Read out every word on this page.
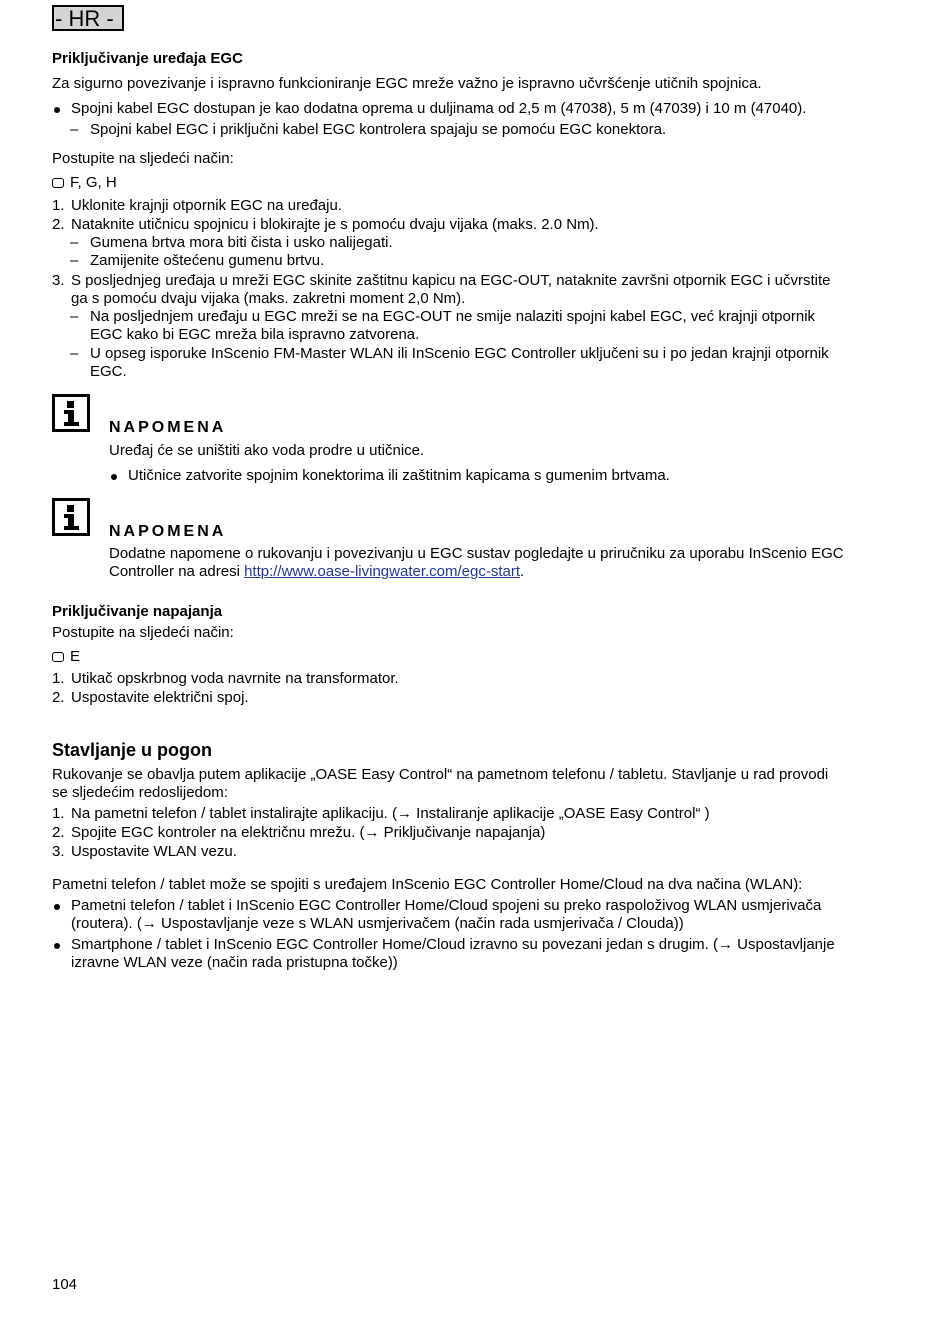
- HR -
Priključivanje uređaja EGC
Za sigurno povezivanje i ispravno funkcioniranje EGC mreže važno je ispravno učvršćenje utičnih spojnica.
Spojni kabel EGC dostupan je kao dodatna oprema u duljinama od 2,5 m (47038), 5 m (47039) i 10 m (47040).
– Spojni kabel EGC i priključni kabel EGC kontrolera spajaju se pomoću EGC konektora.
Postupite na sljedeći način:
F, G, H
1. Uklonite krajnji otpornik EGC na uređaju.
2. Nataknite utičnicu spojnicu i blokirajte je s pomoću dvaju vijaka (maks. 2.0 Nm).
– Gumena brtva mora biti čista i usko nalijegati.
– Zamijenite oštećenu gumenu brtvu.
3. S posljednjeg uređaja u mreži EGC skinite zaštitnu kapicu na EGC-OUT, nataknite završni otpornik EGC i učvrstite
ga s pomoću dvaju vijaka (maks. zakretni moment 2,0 Nm).
– Na posljednjem uređaju u EGC mreži se na EGC-OUT ne smije nalaziti spojni kabel EGC, već krajnji otpornik
EGC kako bi EGC mreža bila ispravno zatvorena.
– U opseg isporuke InScenio FM-Master WLAN ili InScenio EGC Controller uključeni su i po jedan krajnji otpornik
EGC.
NAPOMENA
Uređaj će se uništiti ako voda prodre u utičnice.
Utičnice zatvorite spojnim konektorima ili zaštitnim kapicama s gumenim brtvama.
NAPOMENA
Dodatne napomene o rukovanju i povezivanju u EGC sustav pogledajte u priručniku za uporabu InScenio EGC
Controller na adresi http://www.oase-livingwater.com/egc-start.
Priključivanje napajanja
Postupite na sljedeći način:
E
1. Utikač opskrbnog voda navrnite na transformator.
2. Uspostavite električni spoj.
Stavljanje u pogon
Rukovanje se obavlja putem aplikacije „OASE Easy Control“ na pametnom telefonu / tabletu. Stavljanje u rad provodi
se sljedećim redoslijedom:
1. Na pametni telefon / tablet instalirajte aplikaciju. (→ Instaliranje aplikacije „OASE Easy Control“ )
2. Spojite EGC kontroler na električnu mrežu. (→ Priključivanje napajanja)
3. Uspostavite WLAN vezu.
Pametni telefon / tablet može se spojiti s uređajem InScenio EGC Controller Home/Cloud na dva načina (WLAN):
Pametni telefon / tablet i InScenio EGC Controller Home/Cloud spojeni su preko raspoloživog WLAN usmjerivača
(routera). (→ Uspostavljanje veze s WLAN usmjerivačem (način rada usmjerivača / Clouda))
Smartphone / tablet i InScenio EGC Controller Home/Cloud izravno su povezani jedan s drugim. (→ Uspostavljanje
izravne WLAN veze (način rada pristupna točke))
104
